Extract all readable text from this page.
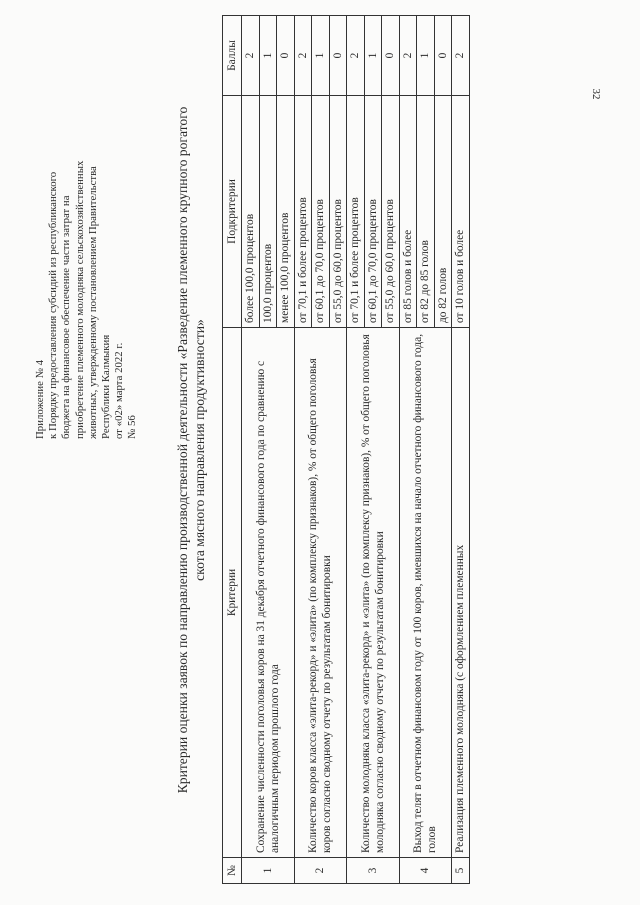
32
Приложение № 4 к Порядку предоставления субсидий из республиканского бюджета на финансовое обеспечение части затрат на приобретение племенного молодняка сельскохозяйственных животных, утвержденному постановлением Правительства Республики Калмыкия от «02» марта 2022 г. № 56	Критерии оценки заявок по направлению производственной деятельности «Разведение племенного крупного рогатого скота мясного направления продуктивности»
№	Критерии	Подкритерии	Баллы
1	Сохранение численности поголовья коров на 31 декабря отчетного финансового года по сравнению с аналогичным периодом прошлого года	более 100,0 процентов	2
		100,0 процентов	1
		менее 100,0 процентов	0
2	Количество коров класса «элита-рекорд» и «элита» (по комплексу признаков), % от общего поголовья коров согласно сводному отчету по результатам бонитировки	от 70,1 и более процентов	2
		от 60,1 до 70,0 процентов	1
		от 55,0 до 60,0 процентов	0
3	Количество молодняка класса «элита-рекорд» и «элита» (по комплексу признаков), % от общего поголовья молодняка согласно сводному отчету по результатам бонитировки	от 70,1 и более процентов	2
		от 60,1 до 70,0 процентов	1
		от 55,0 до 60,0 процентов	0
4	Выход телят в отчетном финансовом году от 100 коров, имевшихся на начало отчетного финансового года, голов	от 85 голов и более	2
		от 82 до 85 голов	1
		до 82 голов	0
5	Реализация племенного молодняка (с оформлением племенных	от 10 голов и более	2
